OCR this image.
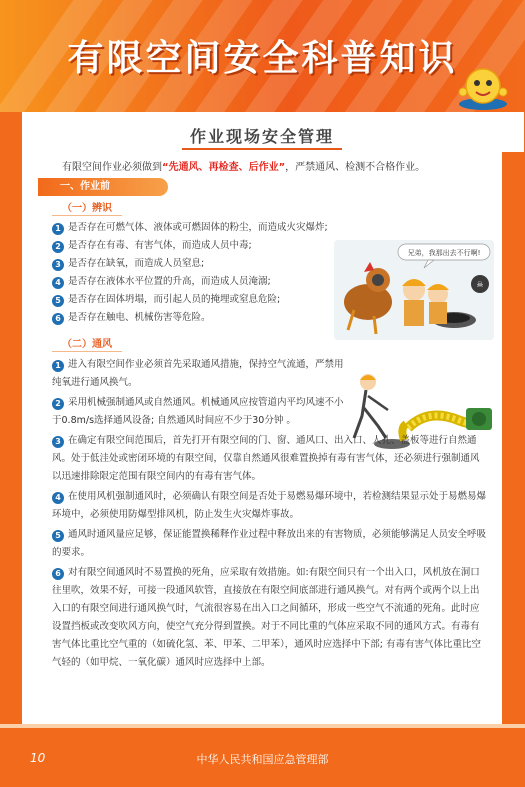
有限空间安全科普知识
作业现场安全管理
有限空间作业必须做到“先通风、再检查、后作业”，严禁通风、检测不合格作业。
一、作业前
（一）辨识
1 是否存在可燃气体、液体或可燃固体的粉尘，而造成火灾爆炸;
2 是否存在有毒、有害气体，而造成人员中毒;
3 是否存在缺氧，而造成人员窒息;
4 是否存在液体水平位置的升高，而造成人员淹溺;
5 是否存在固体坍塌，而引起人员的掩埋或窒息危险;
6 是否存在触电、机械伤害等危险。
兄弟，我那出去不行啊!
☠
（二）通风
1 进入有限空间作业必须首先采取通风措施，保持空气流通，严禁用纯氧进行通风换气。
2 采用机械强制通风或自然通风。机械通风应按管道内平均风速不小于0.8m/s选择通风设备; 自然通风时间应不少于30分钟 。
3 在确定有限空间范围后，首先打开有限空间的门、窗、通风口、出入口、人孔、盖板等进行自然通风。处于低洼处或密闭环境的有限空间，仅靠自然通风很难置换掉有毒有害气体，还必须进行强制通风以迅速排除限定范围有限空间内的有毒有害气体。
4 在使用风机强制通风时，必须确认有限空间是否处于易燃易爆环境中，若检测结果显示处于易燃易爆环境中，必须使用防爆型排风机，防止发生火灾爆炸事故。
5 通风时通风量应足够，保证能置换稀释作业过程中释放出来的有害物质，必须能够满足人员安全呼吸的要求。
6 对有限空间通风时不易置换的死角，应采取有效措施。如:有限空间只有一个出入口，风机放在洞口往里吹，效果不好，可接一段通风软管，直接放在有限空间底部进行通风换气。对有两个或两个以上出入口的有限空间进行通风换气时，气流很容易在出入口之间循环，形成一些空气不流通的死角。此时应设置挡板或改变吹风方向，使空气充分得到置换。对于不同比重的气体应采取不同的通风方式。有毒有害气体比重比空气重的（如硫化氢、苯、甲苯、二甲苯），通风时应选择中下部; 有毒有害气体比重比空气轻的（如甲烷、一氧化碳）通风时应选择中上部。
10	中华人民共和国应急管理部
